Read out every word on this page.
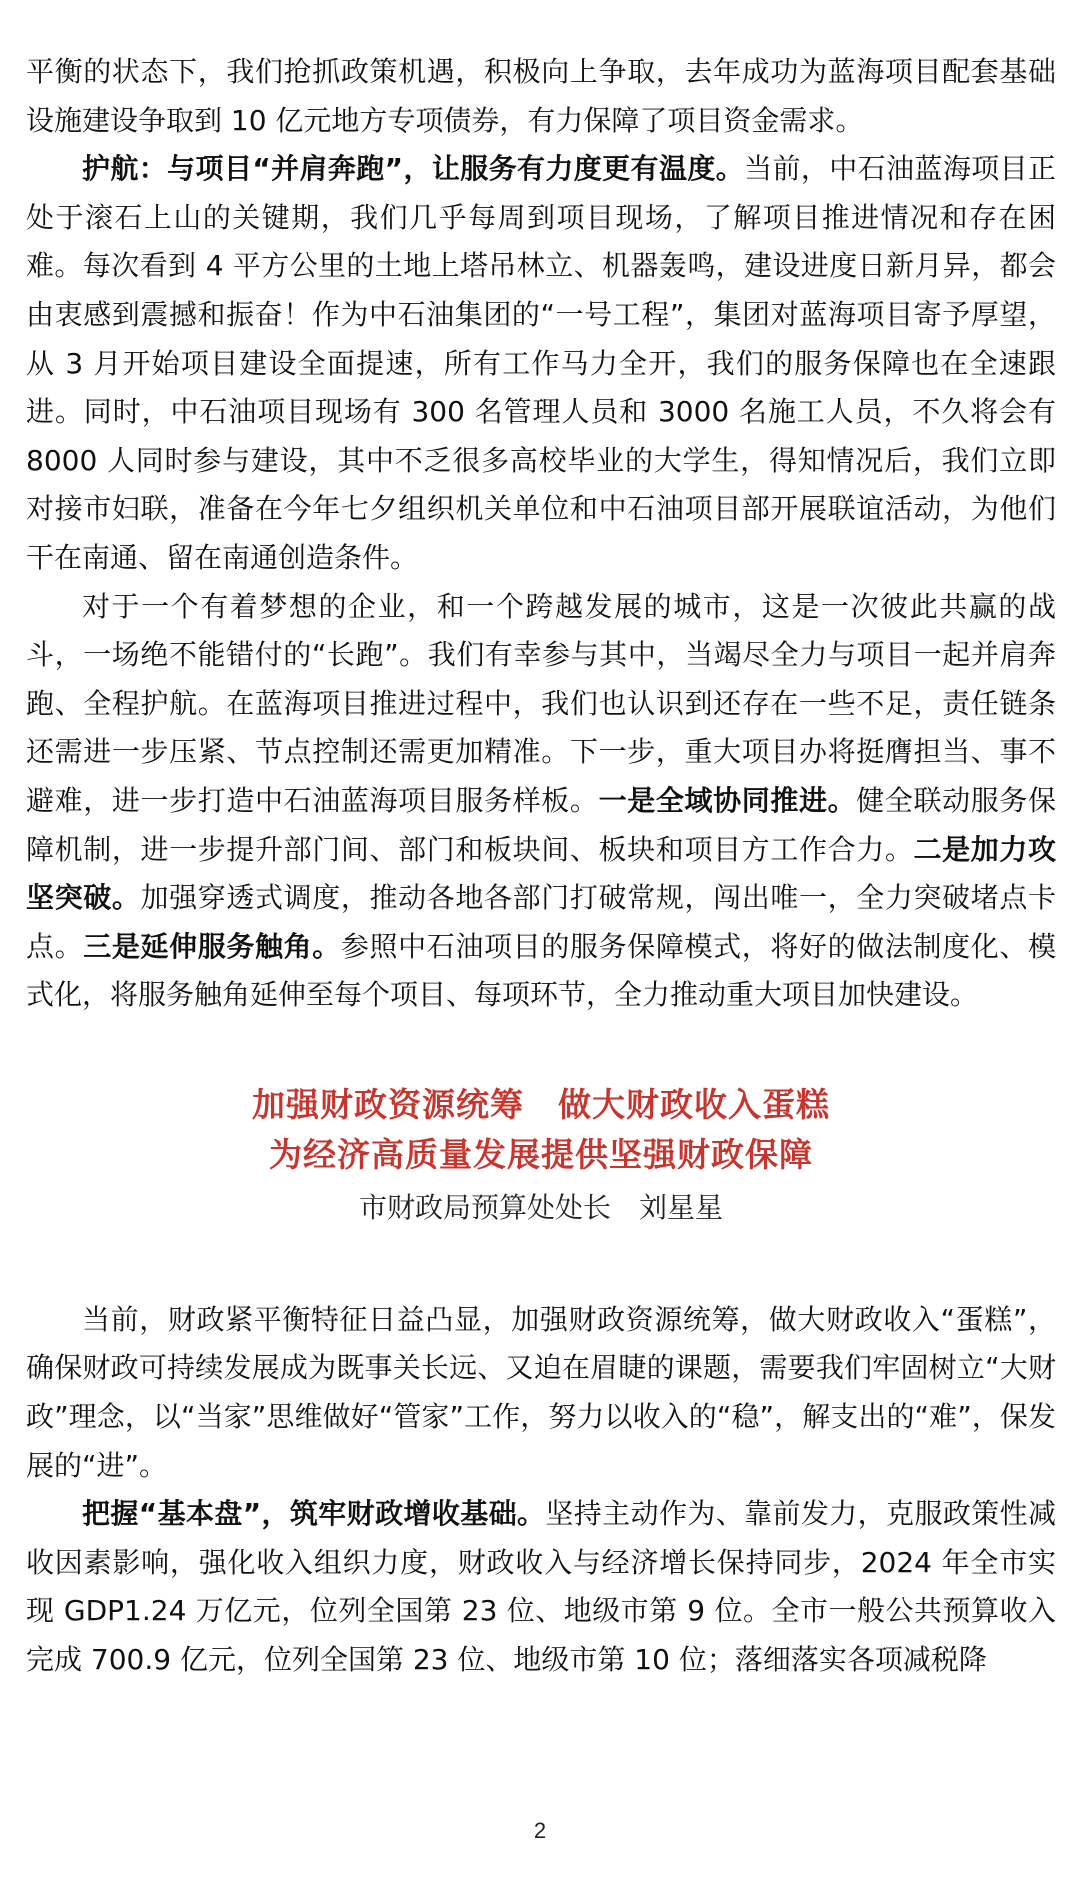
平衡的状态下，我们抢抓政策机遇，积极向上争取，去年成功为蓝海项目配套基础设施建设争取到 10 亿元地方专项债券，有力保障了项目资金需求。

护航：与项目“并肩奔跑”，让服务有力度更有温度。当前，中石油蓝海项目正处于滚石上山的关键期，我们几乎每周到项目现场，了解项目推进情况和存在困难。每次看到 4 平方公里的土地上塔吊林立、机器轰鸣，建设进度日新月异，都会由衷感到震撼和振奋！作为中石油集团的“一号工程”，集团对蓝海项目寄予厚望，从 3 月开始项目建设全面提速，所有工作马力全开，我们的服务保障也在全速跟进。同时，中石油项目现场有 300 名管理人员和 3000 名施工人员，不久将会有 8000 人同时参与建设，其中不乏很多高校毕业的大学生，得知情况后，我们立即对接市妇联，准备在今年七夕组织机关单位和中石油项目部开展联谊活动，为他们干在南通、留在南通创造条件。

对于一个有着梦想的企业，和一个跨越发展的城市，这是一次彼此共赢的战斗，一场绝不能错付的“长跑”。我们有幸参与其中，当竭尽全力与项目一起并肩奔跑、全程护航。在蓝海项目推进过程中，我们也认识到还存在一些不足，责任链条还需进一步压紧、节点控制还需更加精准。下一步，重大项目办将挺膺担当、事不避难，进一步打造中石油蓝海项目服务样板。一是全域协同推进。健全联动服务保障机制，进一步提升部门间、部门和板块间、板块和项目方工作合力。二是加力攻坚突破。加强穿透式调度，推动各地各部门打破常规，闯出唯一，全力突破堵点卡点。三是延伸服务触角。参照中石油项目的服务保障模式，将好的做法制度化、模式化，将服务触角延伸至每个项目、每项环节，全力推动重大项目加快建设。

加强财政资源统筹　做大财政收入蛋糕
为经济高质量发展提供坚强财政保障
市财政局预算处处长　刘星星

当前，财政紧平衡特征日益凸显，加强财政资源统筹，做大财政收入“蛋糕”，确保财政可持续发展成为既事关长远、又迫在眉睫的课题，需要我们牢固树立“大财政”理念，以“当家”思维做好“管家”工作，努力以收入的“稳”，解支出的“难”，保发展的“进”。

把握“基本盘”，筑牢财政增收基础。坚持主动作为、靠前发力，克服政策性减收因素影响，强化收入组织力度，财政收入与经济增长保持同步，2024 年全市实现 GDP1.24 万亿元，位列全国第 23 位、地级市第 9 位。全市一般公共预算收入完成 700.9 亿元，位列全国第 23 位、地级市第 10 位；落细落实各项减税降

2
